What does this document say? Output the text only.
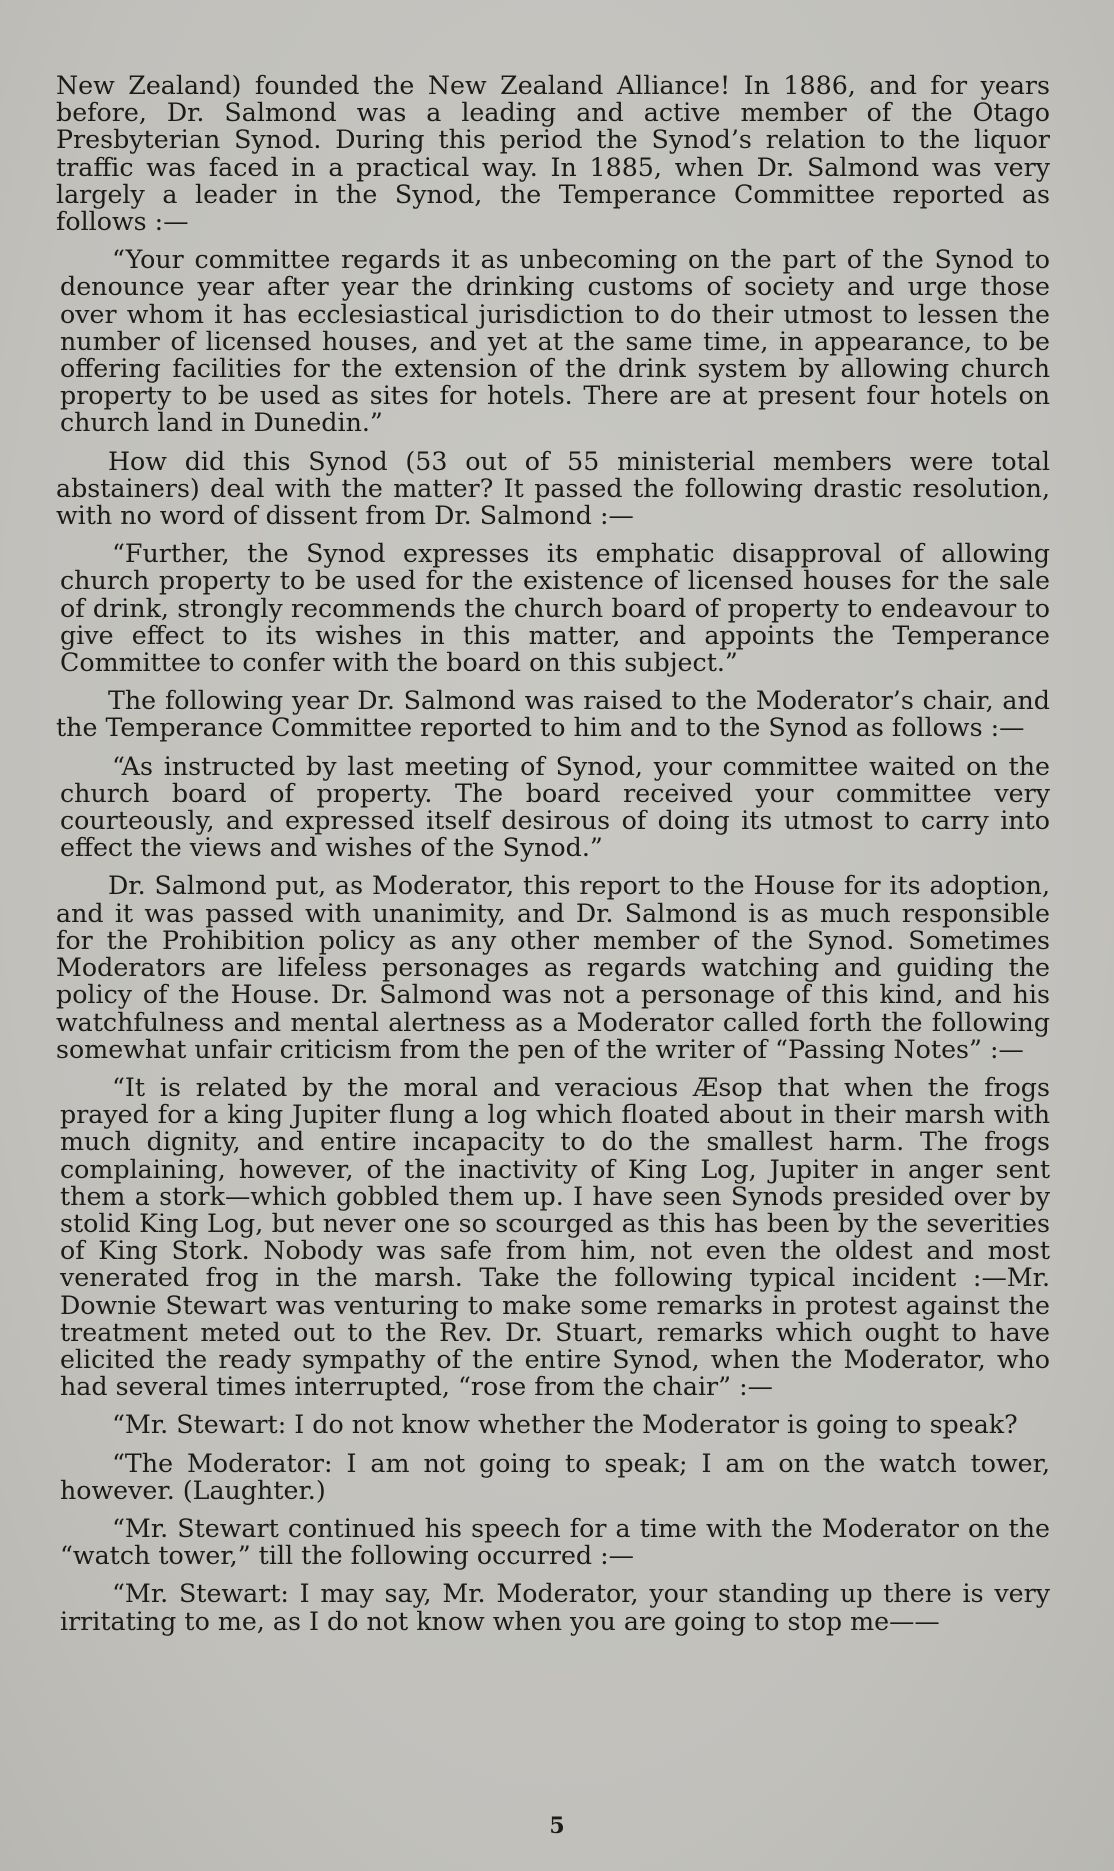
New Zealand) founded the New Zealand Alliance! In 1886, and for years before, Dr. Salmond was a leading and active member of the Otago Presbyterian Synod. During this period the Synod’s relation to the liquor traffic was faced in a practical way. In 1885, when Dr. Salmond was very largely a leader in the Synod, the Temperance Committee reported as follows :—

“Your committee regards it as unbecoming on the part of the Synod to denounce year after year the drinking customs of society and urge those over whom it has ecclesiastical jurisdiction to do their utmost to lessen the number of licensed houses, and yet at the same time, in appearance, to be offering facilities for the extension of the drink system by allowing church property to be used as sites for hotels. There are at present four hotels on church land in Dunedin.”

How did this Synod (53 out of 55 ministerial members were total abstainers) deal with the matter? It passed the following drastic resolution, with no word of dissent from Dr. Salmond :—

“Further, the Synod expresses its emphatic disapproval of allowing church property to be used for the existence of licensed houses for the sale of drink, strongly recommends the church board of property to endeavour to give effect to its wishes in this matter, and appoints the Temperance Committee to confer with the board on this subject.”

The following year Dr. Salmond was raised to the Moderator’s chair, and the Temperance Committee reported to him and to the Synod as follows :—

“As instructed by last meeting of Synod, your committee waited on the church board of property. The board received your committee very courteously, and expressed itself desirous of doing its utmost to carry into effect the views and wishes of the Synod.”

Dr. Salmond put, as Moderator, this report to the House for its adoption, and it was passed with unanimity, and Dr. Salmond is as much responsible for the Prohibition policy as any other member of the Synod. Sometimes Moderators are lifeless personages as regards watching and guiding the policy of the House. Dr. Salmond was not a personage of this kind, and his watchfulness and mental alertness as a Moderator called forth the following somewhat unfair criticism from the pen of the writer of “Passing Notes” :—

“It is related by the moral and veracious Æsop that when the frogs prayed for a king Jupiter flung a log which floated about in their marsh with much dignity, and entire incapacity to do the smallest harm. The frogs complaining, however, of the inactivity of King Log, Jupiter in anger sent them a stork—which gobbled them up. I have seen Synods presided over by stolid King Log, but never one so scourged as this has been by the severities of King Stork. Nobody was safe from him, not even the oldest and most venerated frog in the marsh. Take the following typical incident :—Mr. Downie Stewart was venturing to make some remarks in protest against the treatment meted out to the Rev. Dr. Stuart, remarks which ought to have elicited the ready sympathy of the entire Synod, when the Moderator, who had several times interrupted, “rose from the chair” :—

“Mr. Stewart: I do not know whether the Moderator is going to speak?

“The Moderator: I am not going to speak; I am on the watch tower, however. (Laughter.)

“Mr. Stewart continued his speech for a time with the Moderator on the “watch tower,” till the following occurred :—

“Mr. Stewart: I may say, Mr. Moderator, your standing up there is very irritating to me, as I do not know when you are going to stop me——

5
